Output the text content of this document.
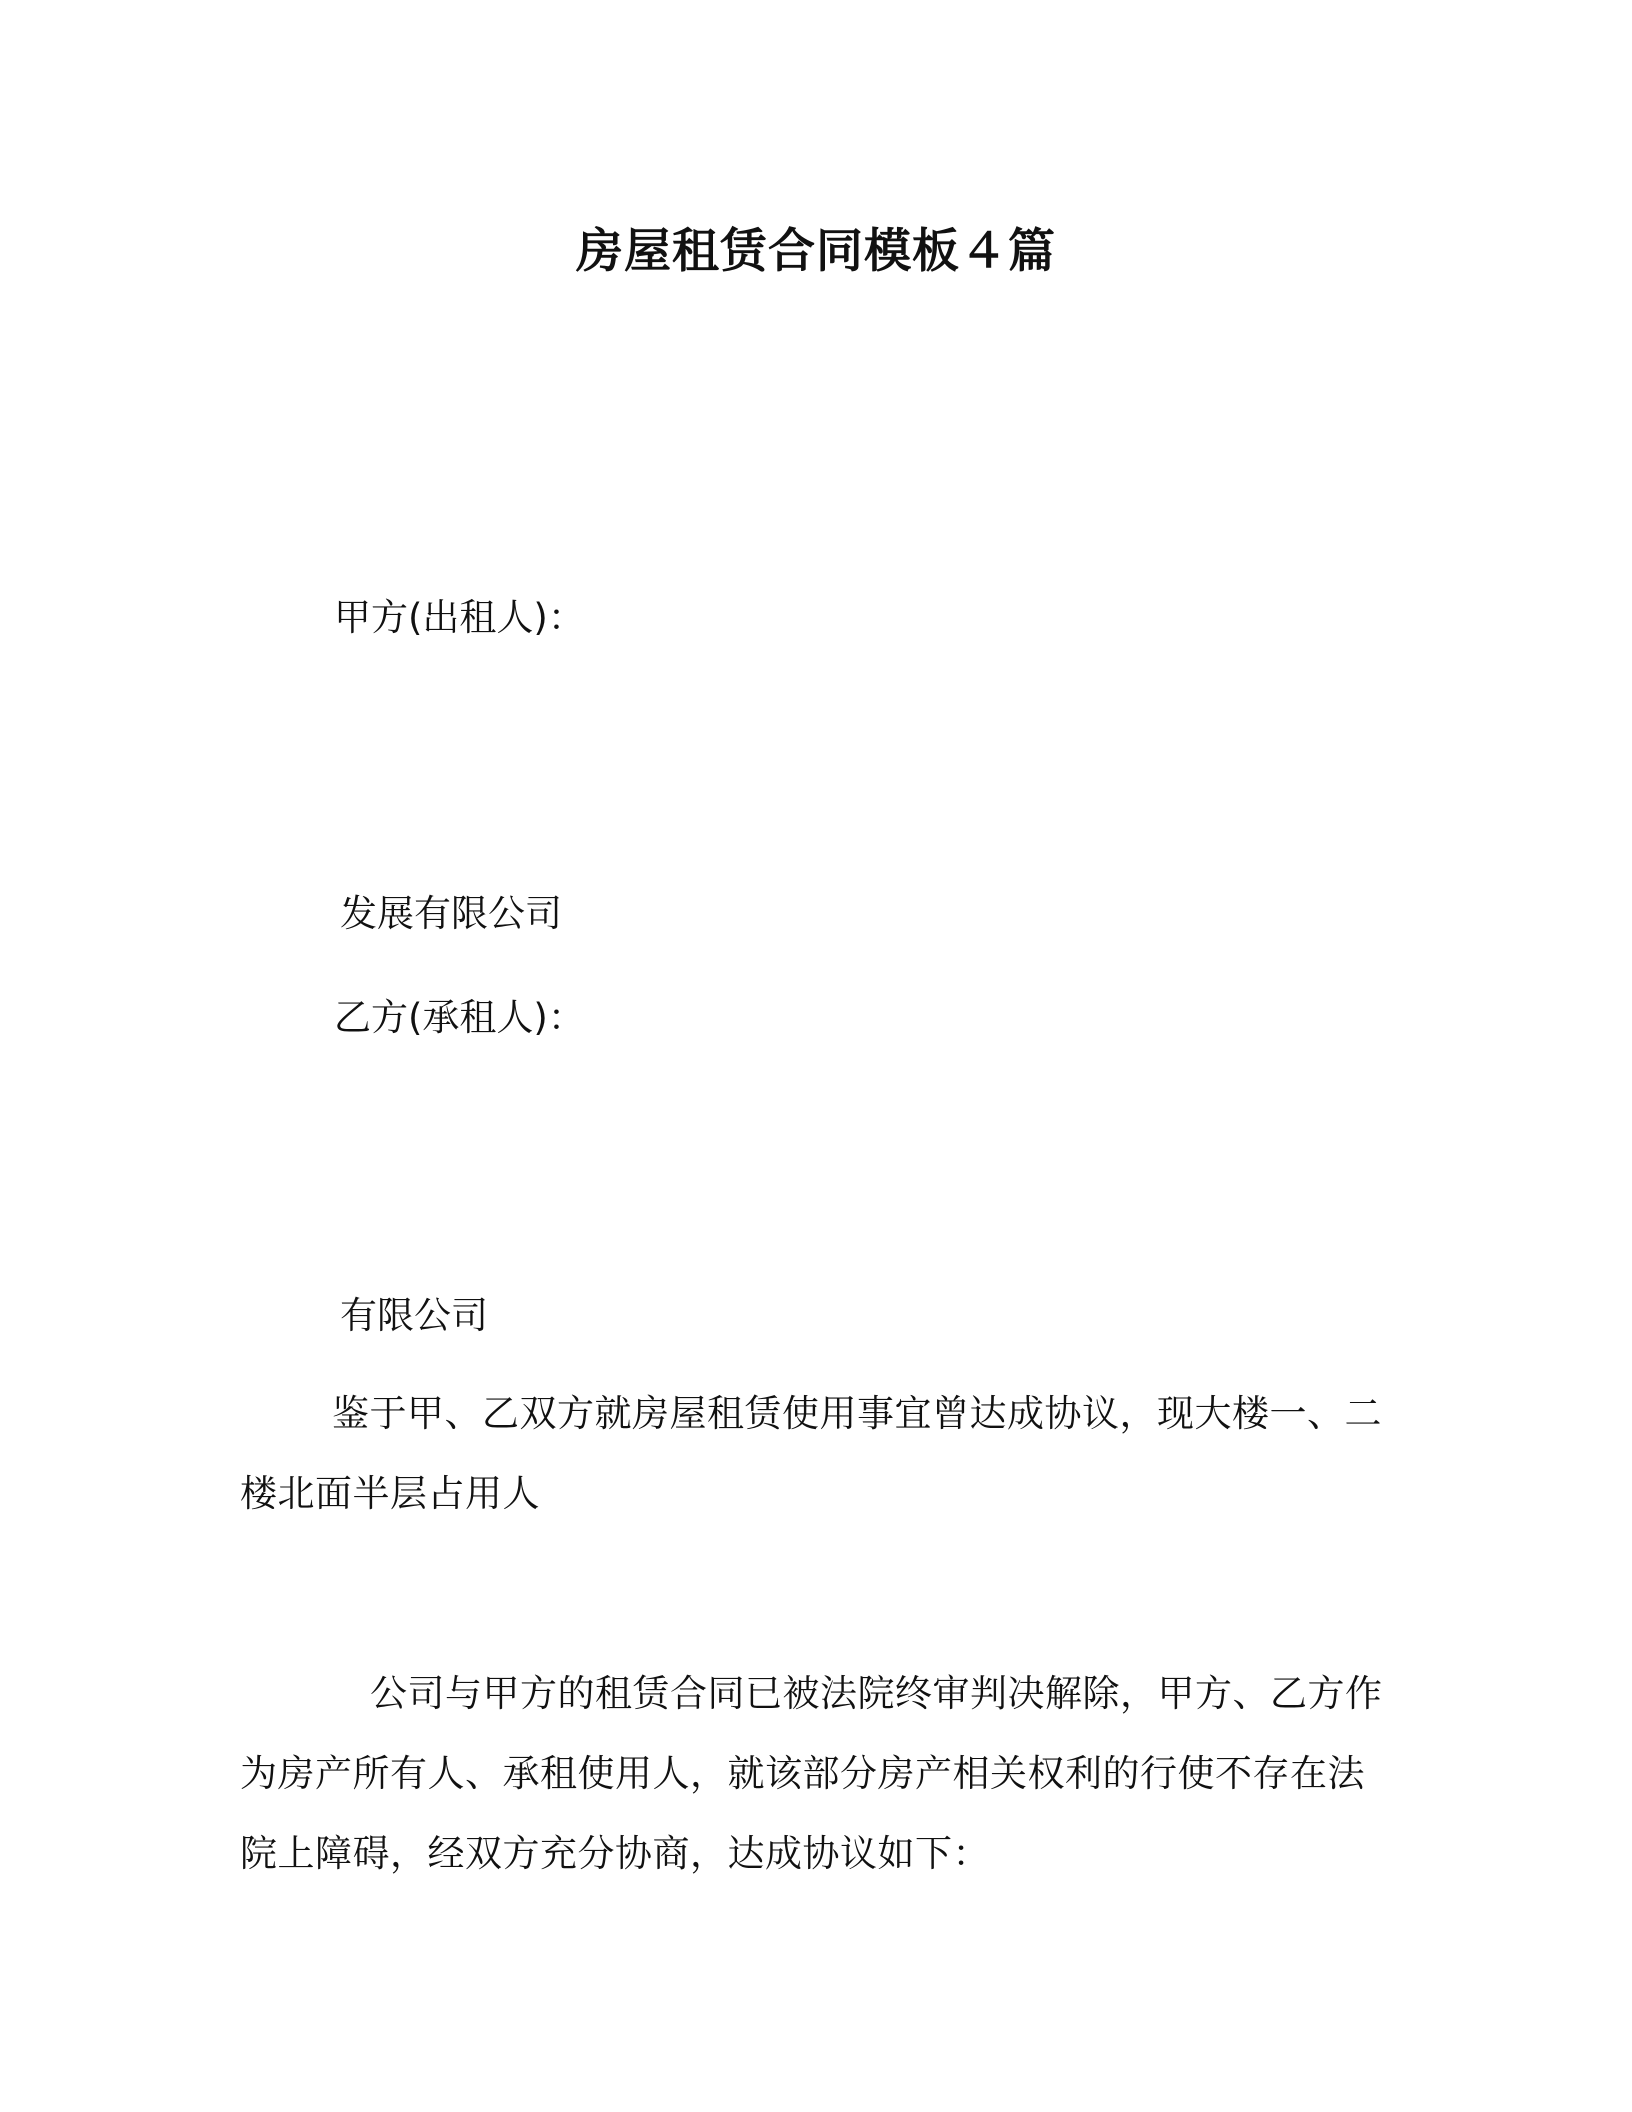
房屋租赁合同模板４篇
甲方(出租人)：
发展有限公司
乙方(承租人)：
有限公司
鉴于甲、乙双方就房屋租赁使用事宜曾达成协议，现大楼一、二
楼北面半层占用人
公司与甲方的租赁合同已被法院终审判决解除，甲方、乙方作
为房产所有人、承租使用人，就该部分房产相关权利的行使不存在法
院上障碍，经双方充分协商，达成协议如下：
